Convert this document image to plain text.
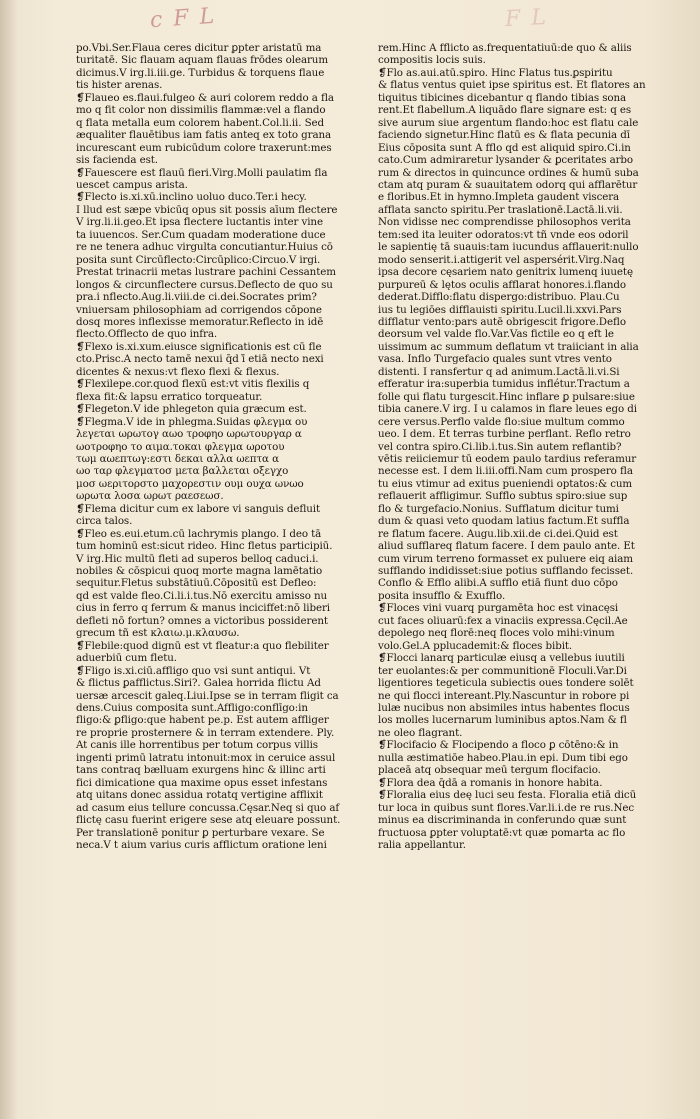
c F L	F L
po.Vbi.Ser.Flaua ceres dicitur ꝑpter aristatū ma
turitatē. Sic flauam aquam flauas frōdes olearum
dicimus.V irg.li.iii.ge. Turbidus & torquens flaue
tis hister arenas.
❡Flaueo es.flaui.fulgeo & auri colorem reddo a fla
mo q fit color non dissimilis flammæ:vel a flando
q flata metalla eum colorem habent.Col.li.ii. Sed
æqualiter flauētibus iam fatis anteq ex toto grana
incurescant eum rubicūdum colore traxerunt:mes
sis facienda est.
❡Fauescere est flauū fieri.Virg.Molli paulatim fla
uescet campus arista.
❡Flecto is.xi.xū.inclino uoluo duco.Ter.i hecy.
I llud est sæpe vbicūq opus sit possis aīum flectere
V irg.li.ii.geo.Et ipsa flectere luctantis inter vine
ta iuuencos. Ser.Cum quadam moderatione duce
re ne tenera adhuc virgulta concutiantur.Huius cō
posita sunt Circūflecto:Circūplico:Circuo.V irgi.
Prestat trinacrii metas lustrare pachini Cessantem
longos & circunflectere cursus.Deflecto de quo su
pra.i nflecto.Aug.li.viii.de ci.dei.Socrates prim?
vniuersam philosophiam ad corrigendos cōpone
dosq mores inflexisse memoratur.Reflecto in idē
flecto.Offlecto de quo infra.
❡Flexo is.xi.xum.eiusce significationis est cū fle
cto.Prisc.A necto tamē nexui q̄d ī̄ etiā necto nexi
dicentes & nexus:vt flexo flexi & flexus.
❡Flexilepe.cor.quod flexū est:vt vitis flexilis q
flexa fit:& lapsu erratico torqueatur.
❡Flegeton.V ide phlegeton quia græcum est.
❡Flegma.V ide in phlegma.Suidas φλεγμα ου
λεγεται ωρωτογ αωο τροφηο ωρωτουργαρ α
ωοτροφηο το αιμα.τοκαι φλεγμα ωροτου
τωμ αωεπτωγ:εστι δεκαι αλλα ωεπτα α
ωο ταρ φλεγματοσ μετα βαλλεται οξεγχο
μοσ ωεριτορστο μαχορεστιν ουμ ουχα ωνωο
ωρωτα λοσα ωρωτ ραεσεωσ.
❡Flema dicitur cum ex labore vi sanguis defluit
circa talos.
❡Fleo es.eui.etum.cū lachrymis plango. I deo tā
tum hominū est:sicut rideo. Hinc fletus participiū.
V irg.Hic multū fleti ad superos belloq caduci.i.
nobiles & cōspicui quoq morte magna lamētatio
sequitur.Fletus substātiuū.Cōpositū est Defleo:
qd est valde fleo.Ci.li.i.tus.Nō exercitu amisso nu
cius in ferro q ferrum & manus inciciffet:nō liberi
defleti nō fortun? omnes a victoribus possiderent
grecum tñ est κλαιω.μ.κλαυσω.
❡Flebile:quod dignū est vt fleatur:a quo flebiliter
aduerbiū cum fletu.
❡Fligo is.xi.ciū.affligo quo vsi sunt antiqui. Vt
& flictus ꝑafflictus.Siri?. Galea horrida flictu Ad
uersæ arcescit galeq.Liui.Ipse se in terram fligit ca
dens.Cuius composita sunt.Affligo:conflīgo:in
fligo:& ꝑfligo:que habent pe.p. Est autem affliger
re proprie prosternere & in terram extendere. Ply.
At canis ille horrentibus per totum corpus villis
ingenti primū latratu intonuit:mox in ceruice assul
tans contraq bælluam exurgens hinc & illinc arti
fici dimicatione qua maxime opus esset infestans
atq uitans donec assidua rotatq vertigine afflixit
ad casum eius tellure concussa.Cęsar.Neq si quo af
flictę casu fuerint erigere sese atq eleuare possunt.
Per translationē ponitur ꝑ perturbare vexare. Se
neca.V t aium varius curis afflictum oratione leni
rem.Hinc A fflicto as.frequentatiuū:de quo & aliis
compositis locis suis.
❡Flo as.aui.atū.spiro. Hinc Flatus tus.ꝑspiritu
& flatus ventus quiet ipse spiritus est. Et flatores an
tiquitus tibicines dicebantur q flando tibias sona
rent.Et flabellum.A liquādo flare signare est: q es
sive aurum siue argentum flando:hoc est flatu cale
faciendo signetur.Hinc flatū es & flata pecunia dī
Eius cōposita sunt A fflo qd est aliquid spiro.Ci.in
cato.Cum admiraretur lysander & ꝑceritates arbo
rum & directos in quincunce ordines & humū suba
ctam atq puram & suauitatem odorq qui afflarētur
e floribus.Et in hymno.Impleta gaudent viscera
afflata sancto spiritu.Per traslationē.Lactā.li.vii.
Non vidisse nec comprendisse philosophos verita
tem:sed ita leuiter odoratos:vt tñ vnde eos odoril
le sapientię tā suauis:tam iucundus afflauerit:nullo
modo senserit.i.attigerit vel aspersérit.Virg.Naq
ipsa decore cęsariem nato genitrix lumenq iuuetę
purpureū & lętos oculis afflarat honores.i.flando
dederat.Difflo:flatu dispergo:distribuo. Plau.Cu
ius tu legiōes difflauisti spiritu.Lucil.li.xxvi.Pars
difflatur vento:pars autē obrigescit frigore.Deflo
deorsum vel valde flo.Var.Vas fictile eo q eft le
uissimum ac summum deflatum vt traiiciant in alia
vasa. Inflo Turgefacio quales sunt vtres vento
distenti. I ransfertur q ad animum.Lactā.li.vi.Si
efferatur ira:superbia tumidus inflétur.Tractum a
folle qui flatu turgescit.Hinc inflare ꝑ pulsare:siue
tibia canere.V irg. I u calamos in flare leues ego di
cere versus.Perflo valde flo:siue multum commo
ueo. I dem. Et terras turbine perflant. Reflo retro
vel contra spiro.Ci.lib.i.tus.Sin autem reflantib?
vētis reiiciemur tū eodem paulo tardius referamur
necesse est. I dem li.iii.offi.Nam cum prospero fla
tu eius vtimur ad exitus pueniendi optatos:& cum
reflauerit affligimur. Sufflo subtus spiro:siue sup
flo & turgefacio.Nonius. Sufflatum dicitur tumi
dum & quasi veto quodam latius factum.Et suffla
re flatum facere. Augu.lib.xii.de ci.dei.Quid est
aliud sufflareq flatum facere. I dem paulo ante. Et
cum virum terreno formasset ex puluere eiq aiam
sufflando indidisset:siue potius sufflando fecisset.
Conflo & Efflo alibi.A sufflo etiā fiunt duo cōpo
posita insufflo & Exufflo.
❡Floces vini vuarq purgamēta hoc est vinacęsi
cut faces oliuarū:fex a vinaciis expressa.Cęcil.Ae
depolego neq florē:neq floces volo mihi:vinum
volo.Gel.A pplucademit:& floces bibit.
❡Flocci lanarq particulæ eiusq a vellebus iuutili
ter euolantes:& per communitionē Floculi.Var.Di
ligentiores tegeticula subiectis oues tondere solēt
ne qui flocci intereant.Ply.Nascuntur in robore pi
lulæ nucibus non absimiles intus habentes flocus
los molles lucernarum luminibus aptos.Nam & fl
ne oleo flagrant.
❡Flocifacio & Flocipendo a floco ꝑ cōtēno:& in
nulla æstimatiōe habeo.Plau.in epi. Dum tibi ego
placeā atq obsequar meū tergum flocifacio.
❡Flora dea q̄dā a romanis in honore habita.
❡Floralia eius deę luci seu festa. Floralia etiā dicū
tur loca in quibus sunt flores.Var.li.i.de re rus.Nec
minus ea discriminanda in conferundo quæ sunt
fructuosa ꝑpter voluptatē:vt quæ pomarta ac flo
ralia appellantur.
